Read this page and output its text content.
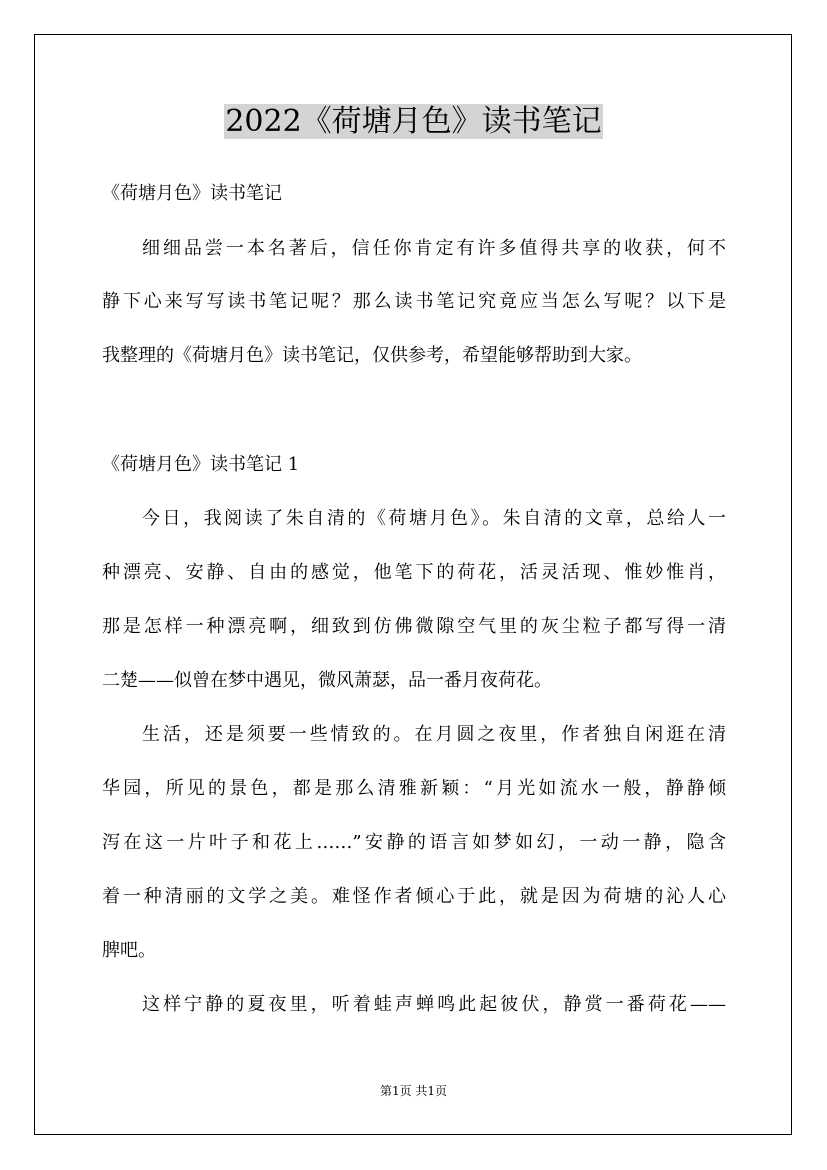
2022《荷塘月色》读书笔记

《荷塘月色》读书笔记

细细品尝一本名著后，信任你肯定有许多值得共享的收获，何不

静下心来写写读书笔记呢？那么读书笔记究竟应当怎么写呢？以下是

我整理的《荷塘月色》读书笔记，仅供参考，希望能够帮助到大家。

《荷塘月色》读书笔记 1

今日，我阅读了朱自清的《荷塘月色》。朱自清的文章，总给人一

种漂亮、安静、自由的感觉，他笔下的荷花，活灵活现、惟妙惟肖，

那是怎样一种漂亮啊，细致到仿佛微隙空气里的灰尘粒子都写得一清

二楚——似曾在梦中遇见，微风萧瑟，品一番月夜荷花。

生活，还是须要一些情致的。在月圆之夜里，作者独自闲逛在清

华园，所见的景色，都是那么清雅新颖：“月光如流水一般，静静倾

泻在这一片叶子和花上……”安静的语言如梦如幻，一动一静，隐含

着一种清丽的文学之美。难怪作者倾心于此，就是因为荷塘的沁人心

脾吧。

这样宁静的夏夜里，听着蛙声蝉鸣此起彼伏，静赏一番荷花——

第1页 共1页
